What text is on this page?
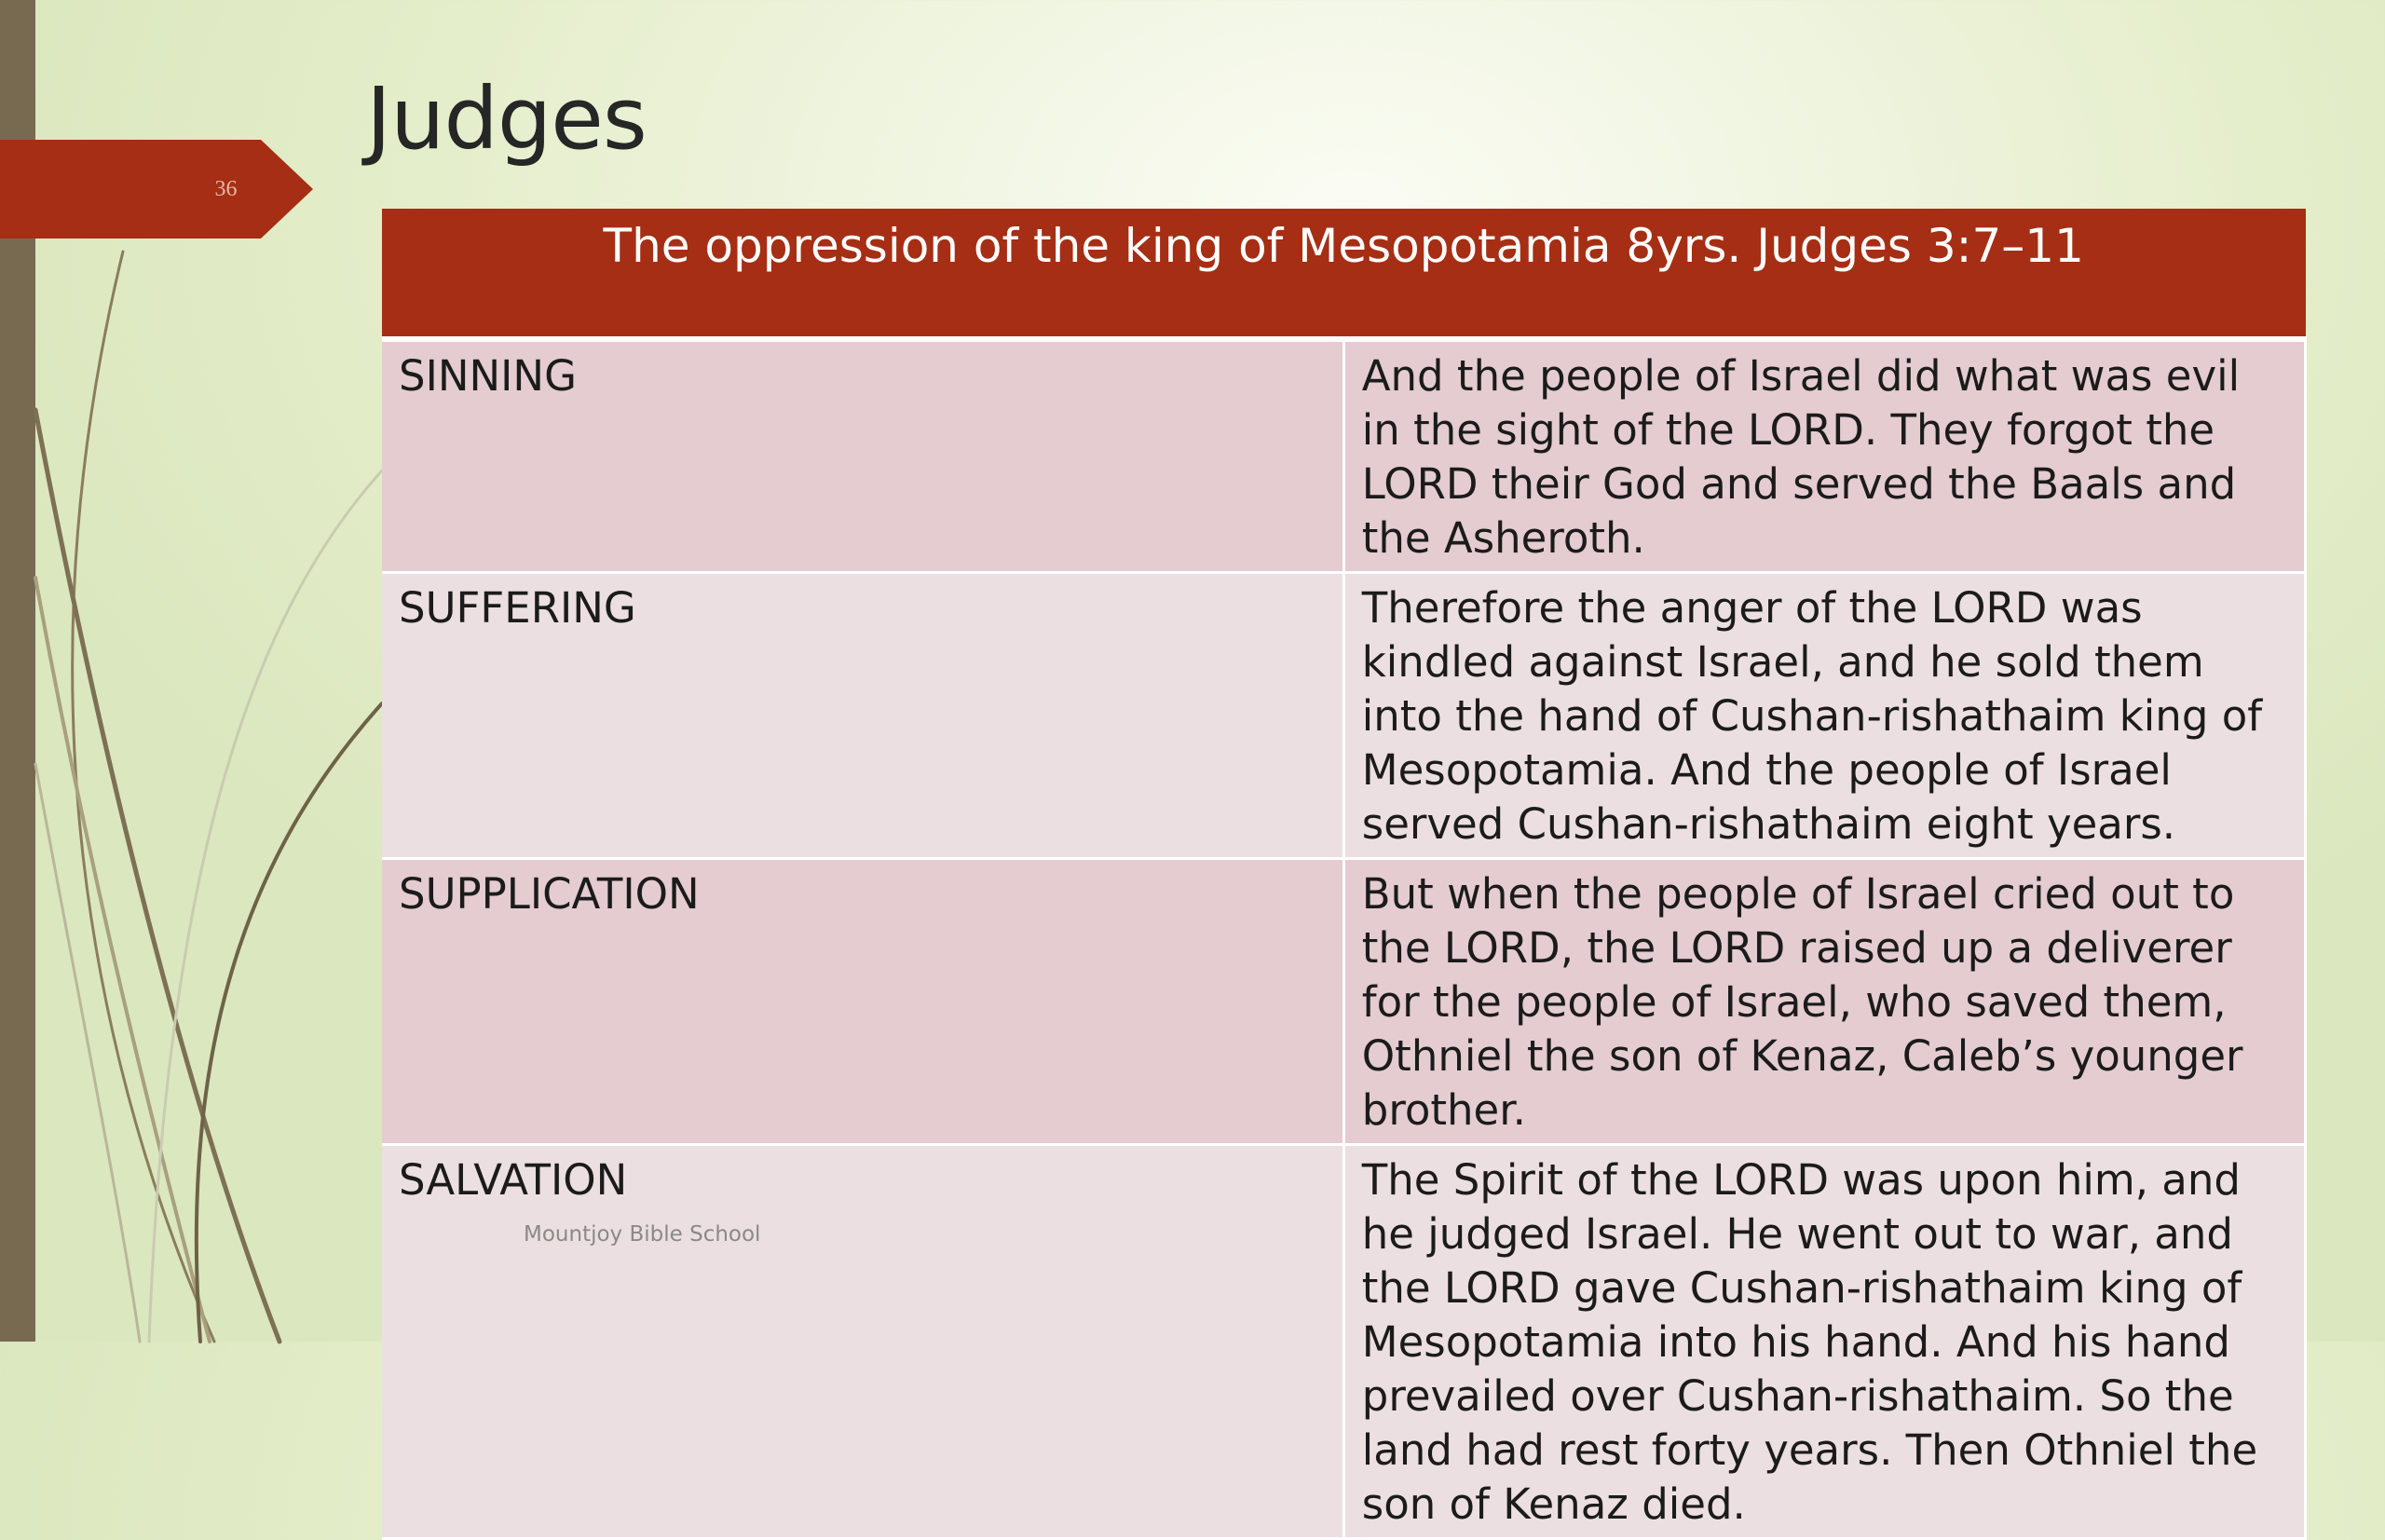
36
Judges
The oppression of the king of Mesopotamia 8yrs. Judges 3:7–11	
SINNING	And the people of Israel did what was evil in the sight of the LORD. They forgot the LORD their God and served the Baals and the Asheroth.
SUFFERING	Therefore the anger of the LORD was kindled against Israel, and he sold them into the hand of Cushan-rishathaim king of Mesopotamia. And the people of Israel served Cushan-rishathaim eight years.
SUPPLICATION	But when the people of Israel cried out to the LORD, the LORD raised up a deliverer for the people of Israel, who saved them, Othniel the son of Kenaz, Caleb’s younger brother.
SALVATION	The Spirit of the LORD was upon him, and he judged Israel. He went out to war, and the LORD gave Cushan-rishathaim king of Mesopotamia into his hand. And his hand prevailed over Cushan-rishathaim. So the land had rest forty years. Then Othniel the son of Kenaz died.
Mountjoy Bible School
